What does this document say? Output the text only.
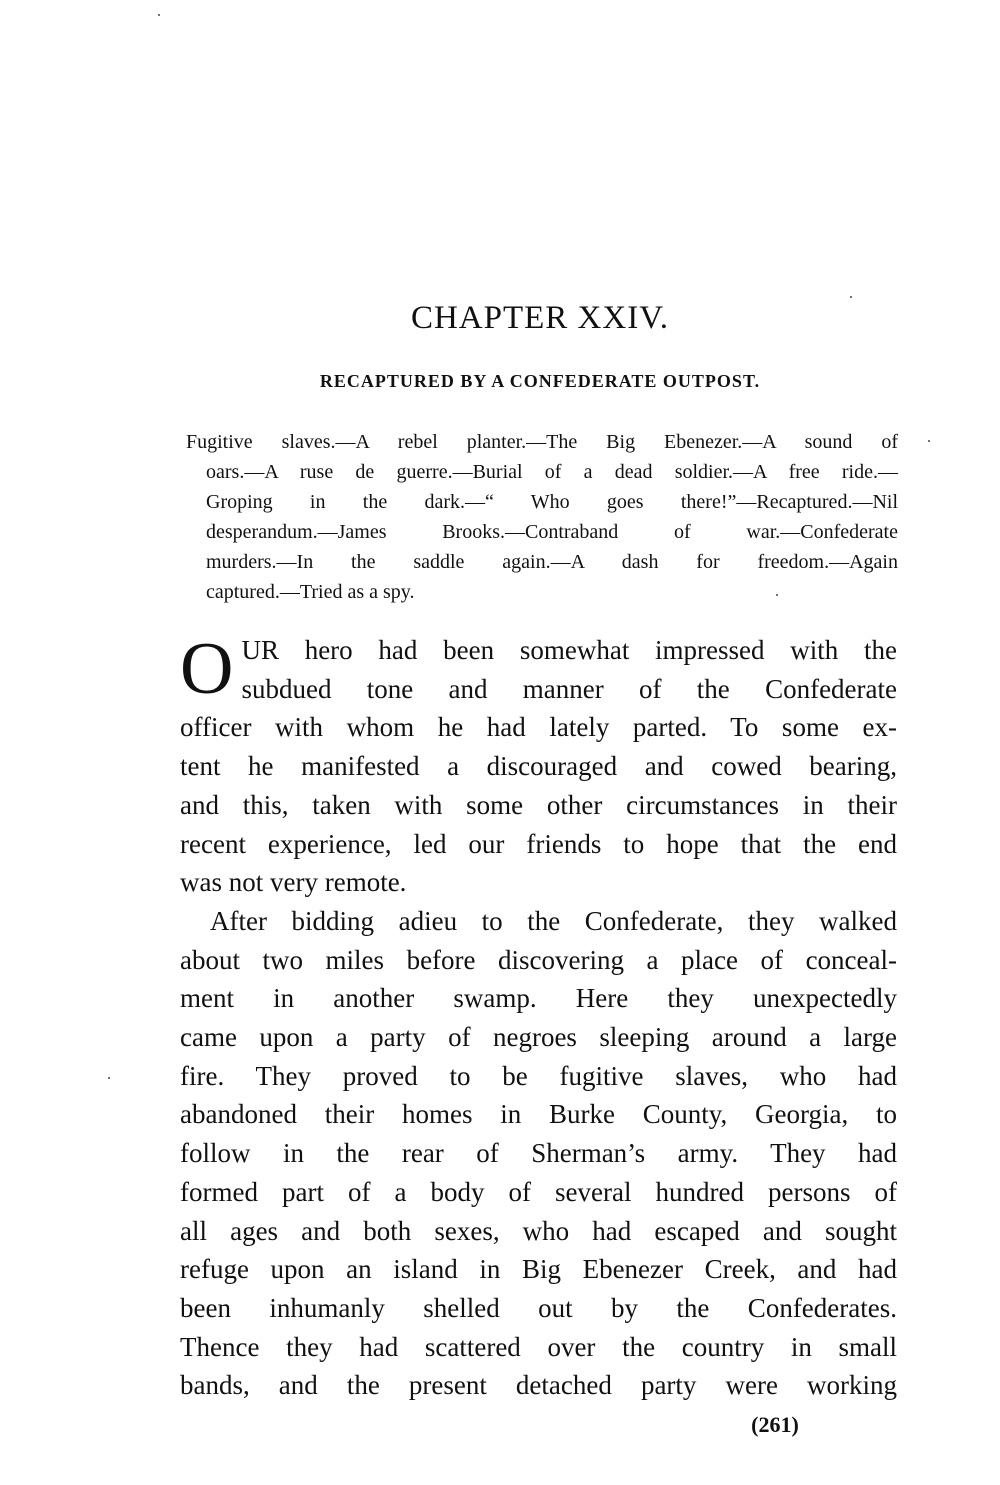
CHAPTER XXIV.
RECAPTURED BY A CONFEDERATE OUTPOST.
Fugitive slaves.—A rebel planter.—The Big Ebenezer.—A sound of
oars.—A ruse de guerre.—Burial of a dead soldier.—A free ride.—
Groping in the dark.—“ Who goes there!”—Recaptured.—Nil
desperandum.—James Brooks.—Contraband of war.—Confederate
murders.—In the saddle again.—A dash for freedom.—Again
captured.—Tried as a spy.
O UR hero had been somewhat impressed with the
subdued tone and manner of the Confederate
officer with whom he had lately parted. To some ex-
tent he manifested a discouraged and cowed bearing,
and this, taken with some other circumstances in their
recent experience, led our friends to hope that the end
was not very remote.
After bidding adieu to the Confederate, they walked
about two miles before discovering a place of conceal-
ment in another swamp. Here they unexpectedly
came upon a party of negroes sleeping around a large
fire. They proved to be fugitive slaves, who had
abandoned their homes in Burke County, Georgia, to
follow in the rear of Sherman’s army. They had
formed part of a body of several hundred persons of
all ages and both sexes, who had escaped and sought
refuge upon an island in Big Ebenezer Creek, and had
been inhumanly shelled out by the Confederates.
Thence they had scattered over the country in small
bands, and the present detached party were working
(261)
